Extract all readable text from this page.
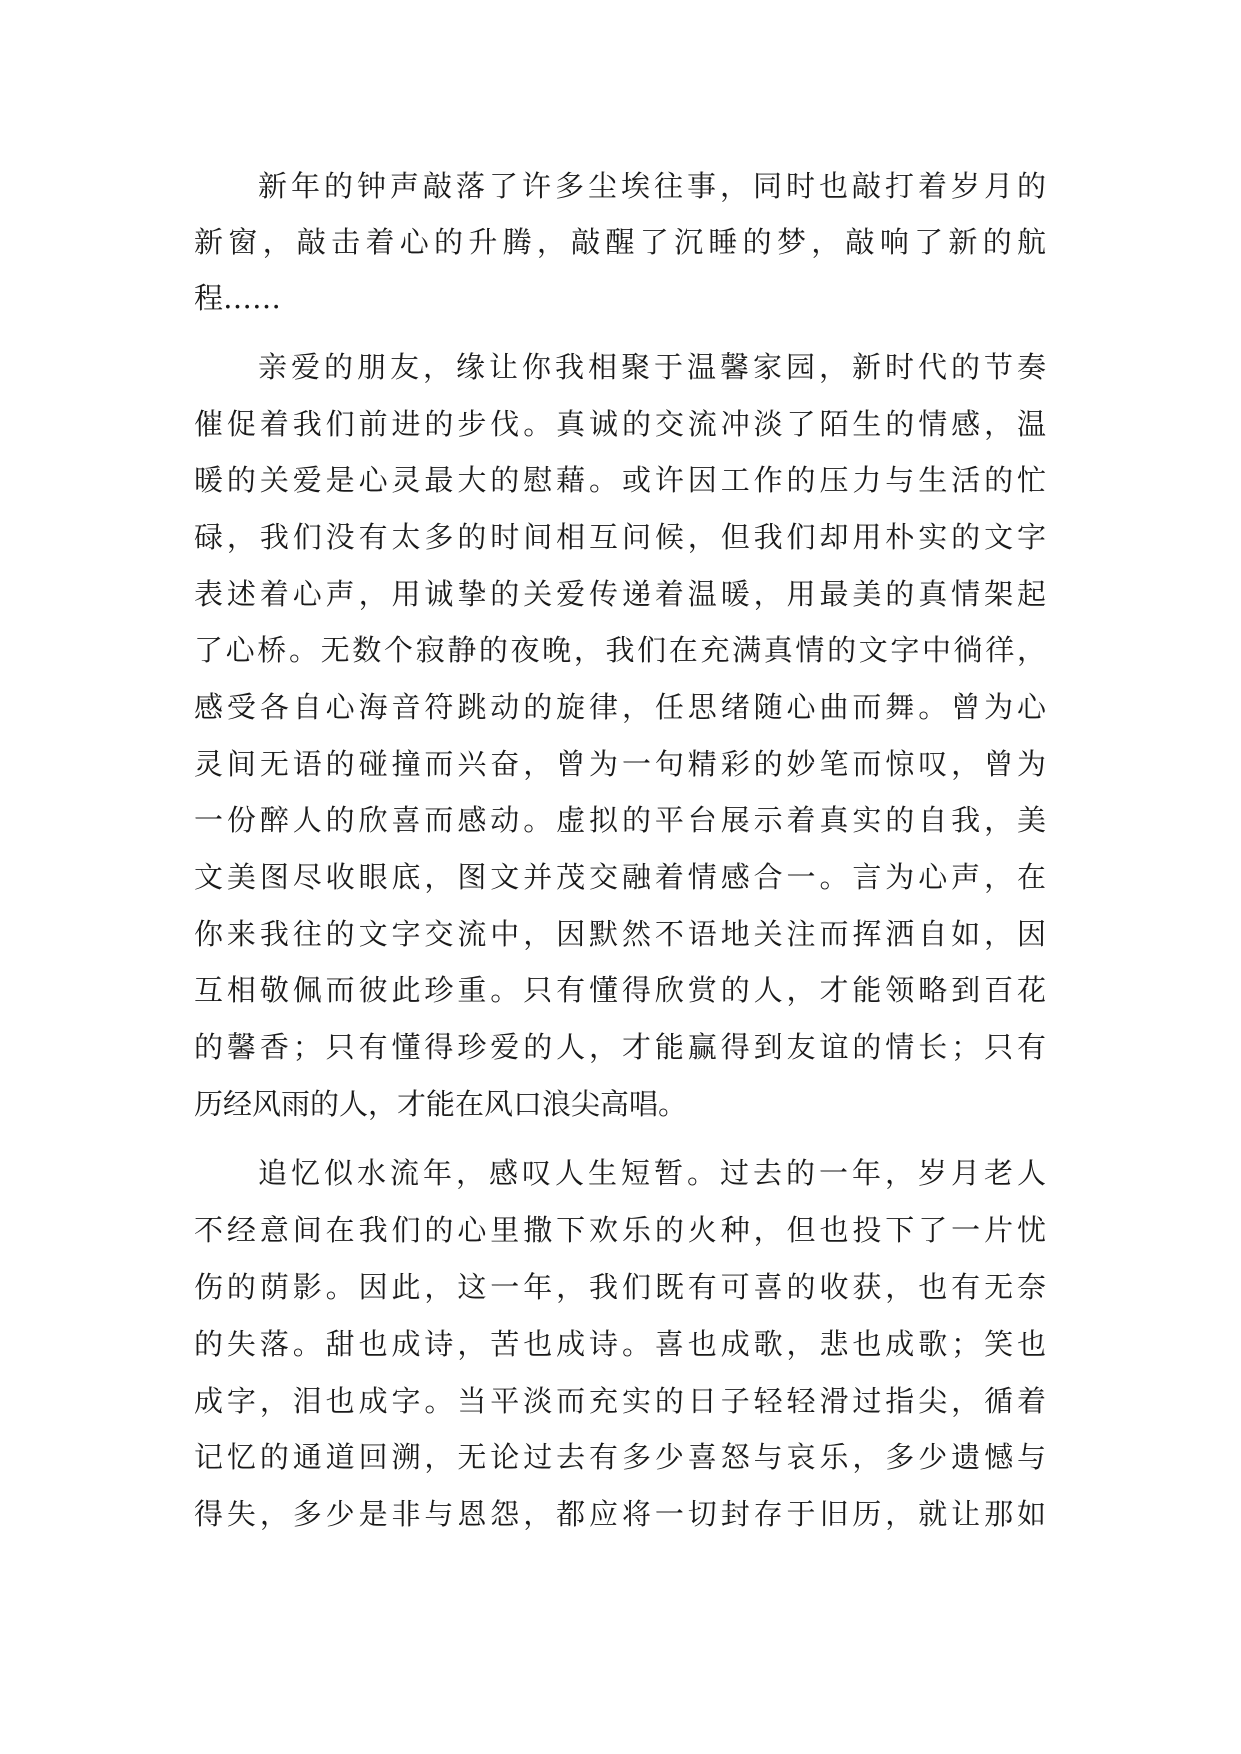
新年的钟声敲落了许多尘埃往事，同时也敲打着岁月的
新窗，敲击着心的升腾，敲醒了沉睡的梦，敲响了新的航
程……
亲爱的朋友，缘让你我相聚于温馨家园，新时代的节奏
催促着我们前进的步伐。真诚的交流冲淡了陌生的情感，温
暖的关爱是心灵最大的慰藉。或许因工作的压力与生活的忙
碌，我们没有太多的时间相互问候，但我们却用朴实的文字
表述着心声，用诚挚的关爱传递着温暖，用最美的真情架起
了心桥。无数个寂静的夜晚，我们在充满真情的文字中徜徉，
感受各自心海音符跳动的旋律，任思绪随心曲而舞。曾为心
灵间无语的碰撞而兴奋，曾为一句精彩的妙笔而惊叹，曾为
一份醉人的欣喜而感动。虚拟的平台展示着真实的自我，美
文美图尽收眼底，图文并茂交融着情感合一。言为心声，在
你来我往的文字交流中，因默然不语地关注而挥洒自如，因
互相敬佩而彼此珍重。只有懂得欣赏的人，才能领略到百花
的馨香；只有懂得珍爱的人，才能赢得到友谊的情长；只有
历经风雨的人，才能在风口浪尖高唱。
追忆似水流年，感叹人生短暂。过去的一年，岁月老人
不经意间在我们的心里撒下欢乐的火种，但也投下了一片忧
伤的荫影。因此，这一年，我们既有可喜的收获，也有无奈
的失落。甜也成诗，苦也成诗。喜也成歌，悲也成歌；笑也
成字，泪也成字。当平淡而充实的日子轻轻滑过指尖，循着
记忆的通道回溯，无论过去有多少喜怒与哀乐，多少遗憾与
得失，多少是非与恩怨，都应将一切封存于旧历，就让那如
